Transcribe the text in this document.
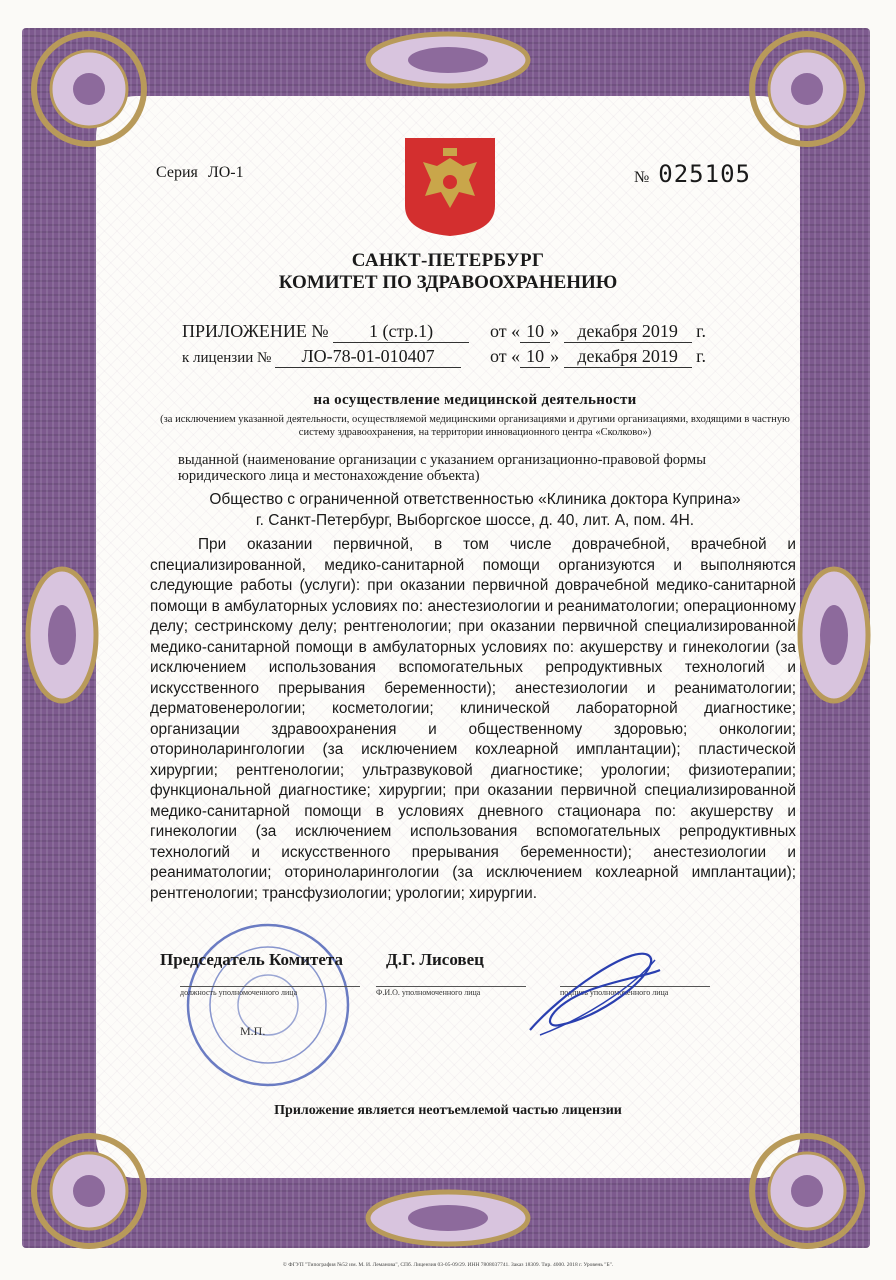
Серия ЛО-1	№ 025105
САНКТ-ПЕТЕРБУРГ
КОМИТЕТ ПО ЗДРАВООХРАНЕНИЮ
ПРИЛОЖЕНИЕ № 1 (стр.1)	от « 10 » декабря 2019 г.
к лицензии № ЛО-78-01-010407	от « 10 » декабря 2019 г.
на осуществление медицинской деятельности
(за исключением указанной деятельности, осуществляемой медицинскими организациями и другими организациями, входящими в частную систему здравоохранения, на территории инновационного центра «Сколково»)
выданной (наименование организации с указанием организационно-правовой формы юридического лица и местонахождение объекта)
Общество с ограниченной ответственностью «Клиника доктора Куприна»
г. Санкт-Петербург, Выборгское шоссе, д. 40, лит. А, пом. 4Н.
При оказании первичной, в том числе доврачебной, врачебной и специализированной, медико-санитарной помощи организуются и выполняются следующие работы (услуги): при оказании первичной доврачебной медико-санитарной помощи в амбулаторных условиях по: анестезиологии и реаниматологии; операционному делу; сестринскому делу; рентгенологии; при оказании первичной специализированной медико-санитарной помощи в амбулаторных условиях по: акушерству и гинекологии (за исключением использования вспомогательных репродуктивных технологий и искусственного прерывания беременности); анестезиологии и реаниматологии; дерматовенерологии; косметологии; клинической лабораторной диагностике; организации здравоохранения и общественному здоровью; онкологии; оториноларингологии (за исключением кохлеарной имплантации); пластической хирургии; рентгенологии; ультразвуковой диагностике; урологии; физиотерапии; функциональной диагностике; хирургии; при оказании первичной специализированной медико-санитарной помощи в условиях дневного стационара по: акушерству и гинекологии (за исключением использования вспомогательных репродуктивных технологий и искусственного прерывания беременности); анестезиологии и реаниматологии; оториноларингологии (за исключением кохлеарной имплантации); рентгенологии; трансфузиологии; урологии; хирургии.
Председатель Комитета	Д.Г. Лисовец
должность уполномоченного лица	Ф.И.О. уполномоченного лица	подпись уполномоченного лица
М.П.
Приложение является неотъемлемой частью лицензии
© ФГУП "Типография №52 им. М. И. Леманова", СПб. Лицензия 03-05-09/29. ИНН 7808037741. Заказ 18309. Тир. 4000. 2018 г. Уровень "Б".
